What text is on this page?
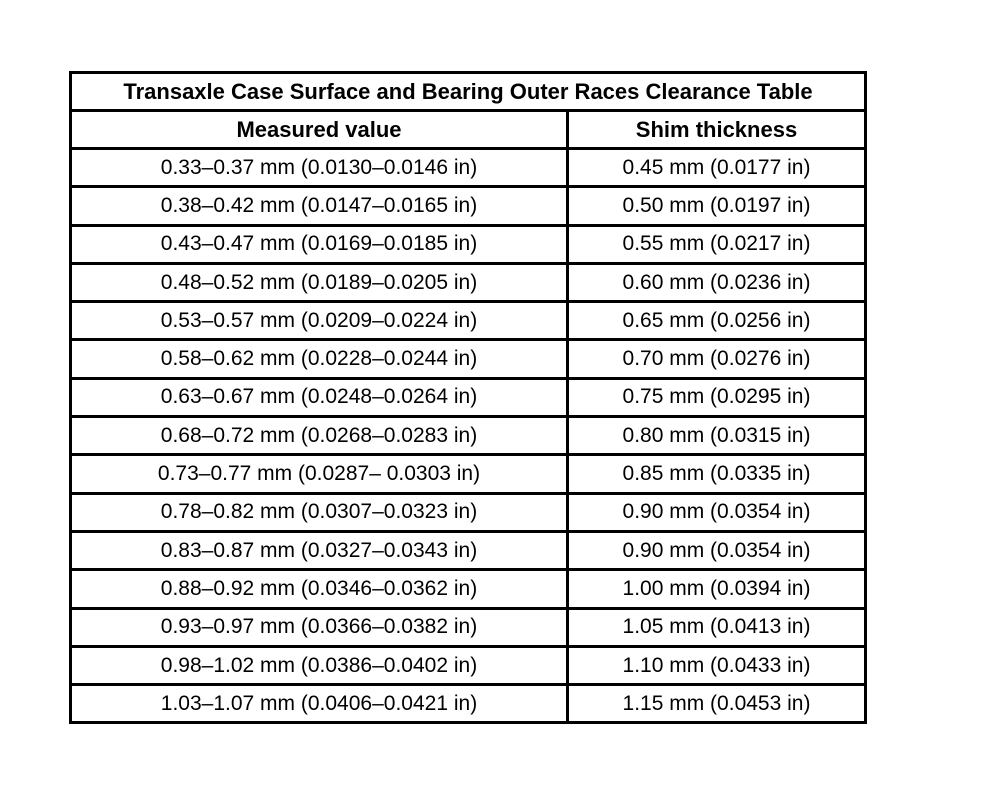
Transaxle Case Surface and Bearing Outer Races Clearance Table	
Measured value	Shim thickness
0.33–0.37 mm (0.0130–0.0146 in)	0.45 mm (0.0177 in)
0.38–0.42 mm (0.0147–0.0165 in)	0.50 mm (0.0197 in)
0.43–0.47 mm (0.0169–0.0185 in)	0.55 mm (0.0217 in)
0.48–0.52 mm (0.0189–0.0205 in)	0.60 mm (0.0236 in)
0.53–0.57 mm (0.0209–0.0224 in)	0.65 mm (0.0256 in)
0.58–0.62 mm (0.0228–0.0244 in)	0.70 mm (0.0276 in)
0.63–0.67 mm (0.0248–0.0264 in)	0.75 mm (0.0295 in)
0.68–0.72 mm (0.0268–0.0283 in)	0.80 mm (0.0315 in)
0.73–0.77 mm (0.0287– 0.0303 in)	0.85 mm (0.0335 in)
0.78–0.82 mm (0.0307–0.0323 in)	0.90 mm (0.0354 in)
0.83–0.87 mm (0.0327–0.0343 in)	0.90 mm (0.0354 in)
0.88–0.92 mm (0.0346–0.0362 in)	1.00 mm (0.0394 in)
0.93–0.97 mm (0.0366–0.0382 in)	1.05 mm (0.0413 in)
0.98–1.02 mm (0.0386–0.0402 in)	1.10 mm (0.0433 in)
1.03–1.07 mm (0.0406–0.0421 in)	1.15 mm (0.0453 in)
